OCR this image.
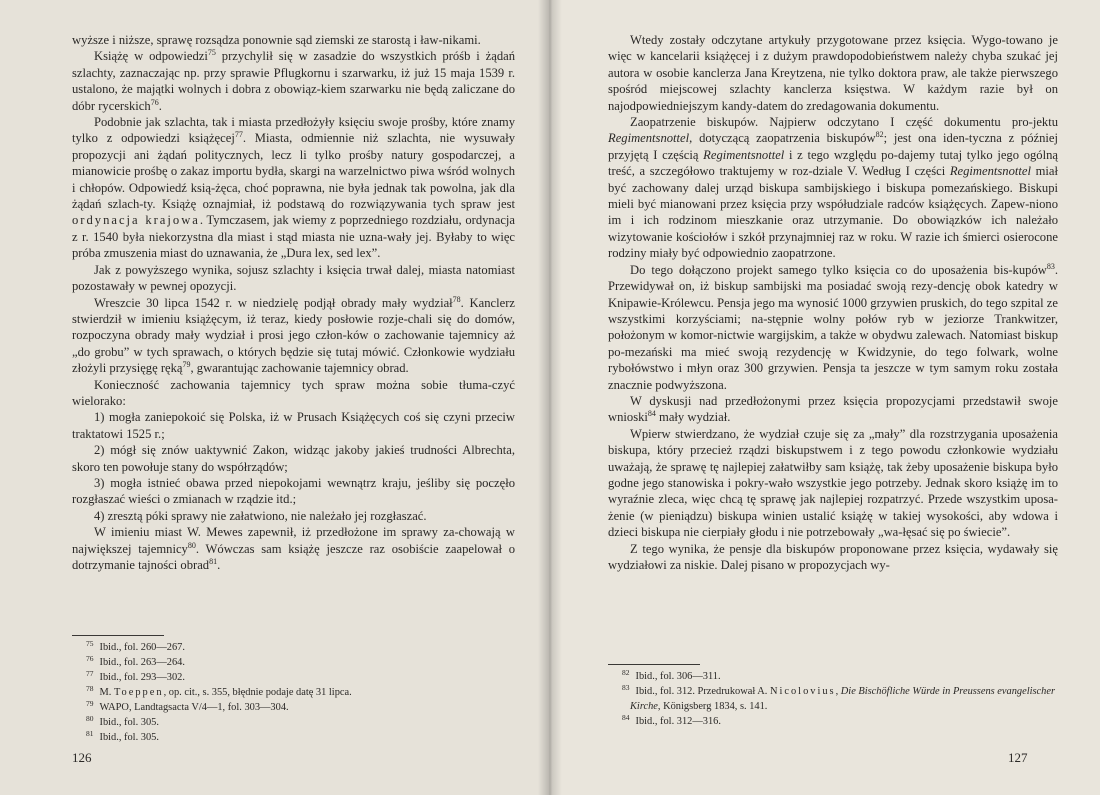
wyższe i niższe, sprawę rozsądza ponownie sąd ziemski ze starostą i ław-nikami.

Książę w odpowiedzi$^{75}$ przychylił się w zasadzie do wszystkich próśb i żądań szlachty, zaznaczając np. przy sprawie Pflugkornu i szarwarku, iż już 15 maja 1539 r. ustalono, że majątki wolnych i dobra z obowiąz-kiem szarwarku nie będą zaliczane do dóbr rycerskich$^{76}$.

Podobnie jak szlachta, tak i miasta przedłożyły księciu swoje prośby, które znamy tylko z odpowiedzi książęcej$^{77}$. Miasta, odmiennie niż szlachta, nie wysuwały propozycji ani żądań politycznych, lecz li tylko prośby natury gospodarczej, a mianowicie prośbę o zakaz importu bydła, skargi na warzelnictwo piwa wśród wolnych i chłopów. Odpowiedź ksią-żęca, choć poprawna, nie była jednak tak powolna, jak dla żądań szlach-ty. Książę oznajmiał, iż podstawą do rozwiązywania tych spraw jest ordynacja krajowa. Tymczasem, jak wiemy z poprzedniego rozdziału, ordynacja z r. 1540 była niekorzystna dla miast i stąd miasta nie uzna-wały jej. Byłaby to więc próba zmuszenia miast do uznawania, że „Dura lex, sed lex”.

Jak z powyższego wynika, sojusz szlachty i księcia trwał dalej, miasta natomiast pozostawały w pewnej opozycji.

Wreszcie 30 lipca 1542 r. w niedzielę podjął obrady mały wydział$^{78}$. Kanclerz stwierdził w imieniu książęcym, iż teraz, kiedy posłowie rozje-chali się do domów, rozpoczyna obrady mały wydział i prosi jego człon-ków o zachowanie tajemnicy aż „do grobu” w tych sprawach, o których będzie się tutaj mówić. Członkowie wydziału złożyli przysięgę ręką$^{79}$, gwarantując zachowanie tajemnicy obrad.

Konieczność zachowania tajemnicy tych spraw można sobie tłuma-czyć wielorako:

1) mogła zaniepokoić się Polska, iż w Prusach Książęcych coś się czyni przeciw traktatowi 1525 r.;

2) mógł się znów uaktywnić Zakon, widząc jakoby jakieś trudności Albrechta, skoro ten powołuje stany do współrządów;

3) mogła istnieć obawa przed niepokojami wewnątrz kraju, jeśliby się poczęło rozgłaszać wieści o zmianach w rządzie itd.;

4) zresztą póki sprawy nie załatwiono, nie należało jej rozgłaszać.

W imieniu miast W. Mewes zapewnił, iż przedłożone im sprawy za-chowają w największej tajemnicy$^{80}$. Wówczas sam książę jeszcze raz osobiście zaapelował o dotrzymanie tajności obrad$^{81}$.

$^{75}$ Ibid., fol. 260—267.

$^{76}$ Ibid., fol. 263—264.

$^{77}$ Ibid., fol. 293—302.

$^{78}$ M. Toeppen, op. cit., s. 355, błędnie podaje datę 31 lipca.

$^{79}$ WAPO, Landtagsacta V/4—1, fol. 303—304.

$^{80}$ Ibid., fol. 305.

$^{81}$ Ibid., fol. 305.

126

Wtedy zostały odczytane artykuły przygotowane przez księcia. Wygo-towano je więc w kancelarii książęcej i z dużym prawdopodobieństwem należy chyba szukać jej autora w osobie kanclerza Jana Kreytzena, nie tylko doktora praw, ale także pierwszego spośród miejscowej szlachty kanclerza księstwa. W każdym razie był on najodpowiedniejszym kandy-datem do zredagowania dokumentu.

Zaopatrzenie biskupów. Najpierw odczytano I część dokumentu pro-jektu Regimentsnottel, dotyczącą zaopatrzenia biskupów$^{82}$; jest ona iden-tyczna z później przyjętą I częścią Regimentsnottel i z tego względu po-dajemy tutaj tylko jego ogólną treść, a szczegółowo traktujemy w roz-dziale V. Według I części Regimentsnottel miał być zachowany dalej urząd biskupa sambijskiego i biskupa pomezańskiego. Biskupi mieli być mianowani przez księcia przy współudziale radców książęcych. Zapew-niono im i ich rodzinom mieszkanie oraz utrzymanie. Do obowiązków ich należało wizytowanie kościołów i szkół przynajmniej raz w roku. W razie ich śmierci osierocone rodziny miały być odpowiednio zaopatrzone.

Do tego dołączono projekt samego tylko księcia co do uposażenia bis-kupów$^{83}$. Przewidywał on, iż biskup sambijski ma posiadać swoją rezy-dencję obok katedry w Knipawie-Królewcu. Pensja jego ma wynosić 1000 grzywien pruskich, do tego szpital ze wszystkimi korzyściami; na-stępnie wolny połów ryb w jeziorze Trankwitzer, położonym w komor-nictwie wargijskim, a także w obydwu zalewach. Natomiast biskup po-mezański ma mieć swoją rezydencję w Kwidzynie, do tego folwark, wolne rybołówstwo i młyn oraz 300 grzywien. Pensja ta jeszcze w tym samym roku została znacznie podwyższona.

W dyskusji nad przedłożonymi przez księcia propozycjami przedstawił swoje wnioski$^{84}$ mały wydział.

Wpierw stwierdzano, że wydział czuje się za „mały” dla rozstrzygania uposażenia biskupa, który przecież rządzi biskupstwem i z tego powodu członkowie wydziału uważają, że sprawę tę najlepiej załatwiłby sam książę, tak żeby uposażenie biskupa było godne jego stanowiska i pokry-wało wszystkie jego potrzeby. Jednak skoro książę im to wyraźnie zleca, więc chcą tę sprawę jak najlepiej rozpatrzyć. Przede wszystkim uposa-żenie (w pieniądzu) biskupa winien ustalić książę w takiej wysokości, aby wdowa i dzieci biskupa nie cierpiały głodu i nie potrzebowały „wa-łęsać się po świecie”.

Z tego wynika, że pensje dla biskupów proponowane przez księcia, wydawały się wydziałowi za niskie. Dalej pisano w propozycjach wy-

$^{82}$ Ibid., fol. 306—311.

$^{83}$ Ibid., fol. 312. Przedrukował A. Nicolovius, Die Bischöfliche Würde in Preussens evangelischer Kirche, Königsberg 1834, s. 141.

$^{84}$ Ibid., fol. 312—316.

127
